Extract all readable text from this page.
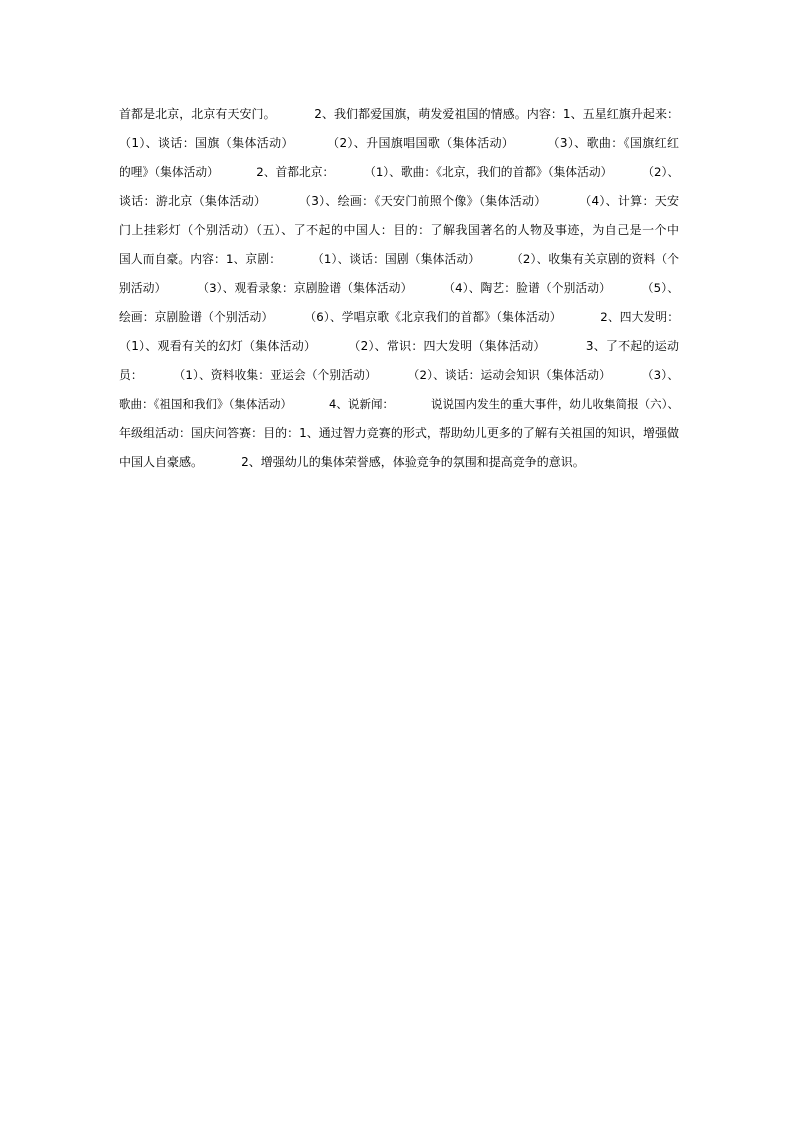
首都是北京，北京有天安门。          2、我们都爱国旗，萌发爱祖国的情感。内容：1、五星红旗升起来：
（1）、谈话：国旗（集体活动）        （2）、升国旗唱国歌（集体活动）        （3）、歌曲：《国旗红红
的哩》（集体活动）          2、首都北京：        （1）、歌曲：《北京，我们的首都》（集体活动）        （2）、
谈话：游北京（集体活动）        （3）、绘画：《天安门前照个像》（集体活动）        （4）、计算：天安
门上挂彩灯（个别活动）（五）、了不起的中国人：目的：了解我国著名的人物及事迹，为自己是一个中
国人而自豪。内容：1、京剧：        （1）、谈话：国剧（集体活动）        （2）、收集有关京剧的资料（个
别活动）        （3）、观看录象：京剧脸谱（集体活动）        （4）、陶艺：脸谱（个别活动）        （5）、
绘画：京剧脸谱（个别活动）        （6）、学唱京歌《北京我们的首都》（集体活动）          2、四大发明：
（1）、观看有关的幻灯（集体活动）        （2）、常识：四大发明（集体活动）          3、了不起的运动
员：        （1）、资料收集：亚运会（个别活动）        （2）、谈话：运动会知识（集体活动）        （3）、
歌曲：《祖国和我们》（集体活动）          4、说新闻：          说说国内发生的重大事件，幼儿收集简报（六）、
年级组活动：国庆问答赛：目的：1、通过智力竞赛的形式，帮助幼儿更多的了解有关祖国的知识，增强做
中国人自豪感。          2、增强幼儿的集体荣誉感，体验竞争的氛围和提高竞争的意识。
